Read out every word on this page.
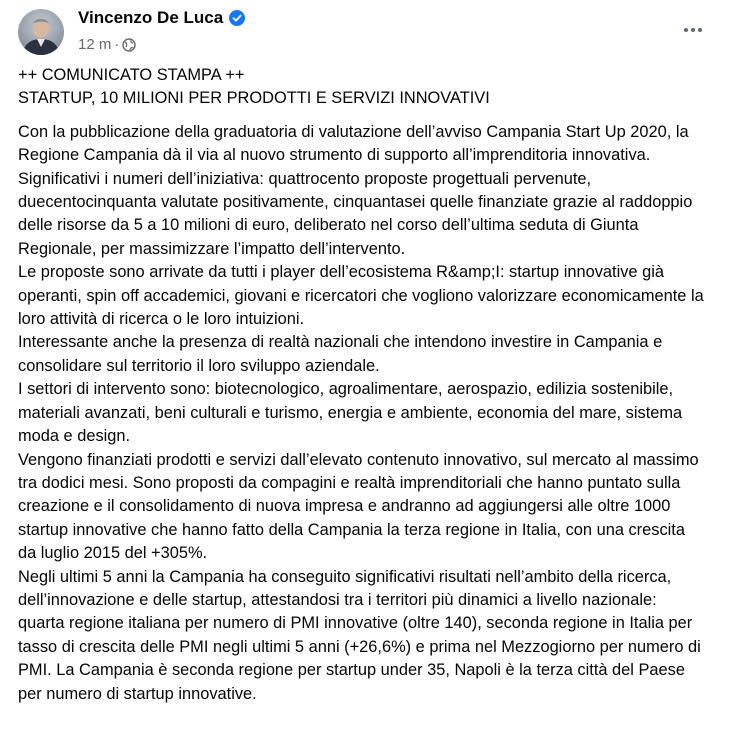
Vincenzo De Luca
12 m ·

++ COMUNICATO STAMPA ++
STARTUP, 10 MILIONI PER PRODOTTI E SERVIZI INNOVATIVI

Con la pubblicazione della graduatoria di valutazione dell’avviso Campania Start Up 2020, la Regione Campania dà il via al nuovo strumento di supporto all’imprenditoria innovativa. Significativi i numeri dell’iniziativa: quattrocento proposte progettuali pervenute, duecentocinquanta valutate positivamente, cinquantasei quelle finanziate grazie al raddoppio delle risorse da 5 a 10 milioni di euro, deliberato nel corso dell’ultima seduta di Giunta Regionale, per massimizzare l’impatto dell’intervento.

Le proposte sono arrivate da tutti i player dell’ecosistema R&amp;I: startup innovative già operanti, spin off accademici, giovani e ricercatori che vogliono valorizzare economicamente la loro attività di ricerca o le loro intuizioni.

Interessante anche la presenza di realtà nazionali che intendono investire in Campania e consolidare sul territorio il loro sviluppo aziendale.

I settori di intervento sono: biotecnologico, agroalimentare, aerospazio, edilizia sostenibile, materiali avanzati, beni culturali e turismo, energia e ambiente, economia del mare, sistema moda e design.

Vengono finanziati prodotti e servizi dall’elevato contenuto innovativo, sul mercato al massimo tra dodici mesi. Sono proposti da compagini e realtà imprenditoriali che hanno puntato sulla creazione e il consolidamento di nuova impresa e andranno ad aggiungersi alle oltre 1000 startup innovative che hanno fatto della Campania la terza regione in Italia, con una crescita da luglio 2015 del +305%.

Negli ultimi 5 anni la Campania ha conseguito significativi risultati nell’ambito della ricerca, dell’innovazione e delle startup, attestandosi tra i territori più dinamici a livello nazionale: quarta regione italiana per numero di PMI innovative (oltre 140), seconda regione in Italia per tasso di crescita delle PMI negli ultimi 5 anni (+26,6%) e prima nel Mezzogiorno per numero di PMI. La Campania è seconda regione per startup under 35, Napoli è la terza città del Paese per numero di startup innovative.
